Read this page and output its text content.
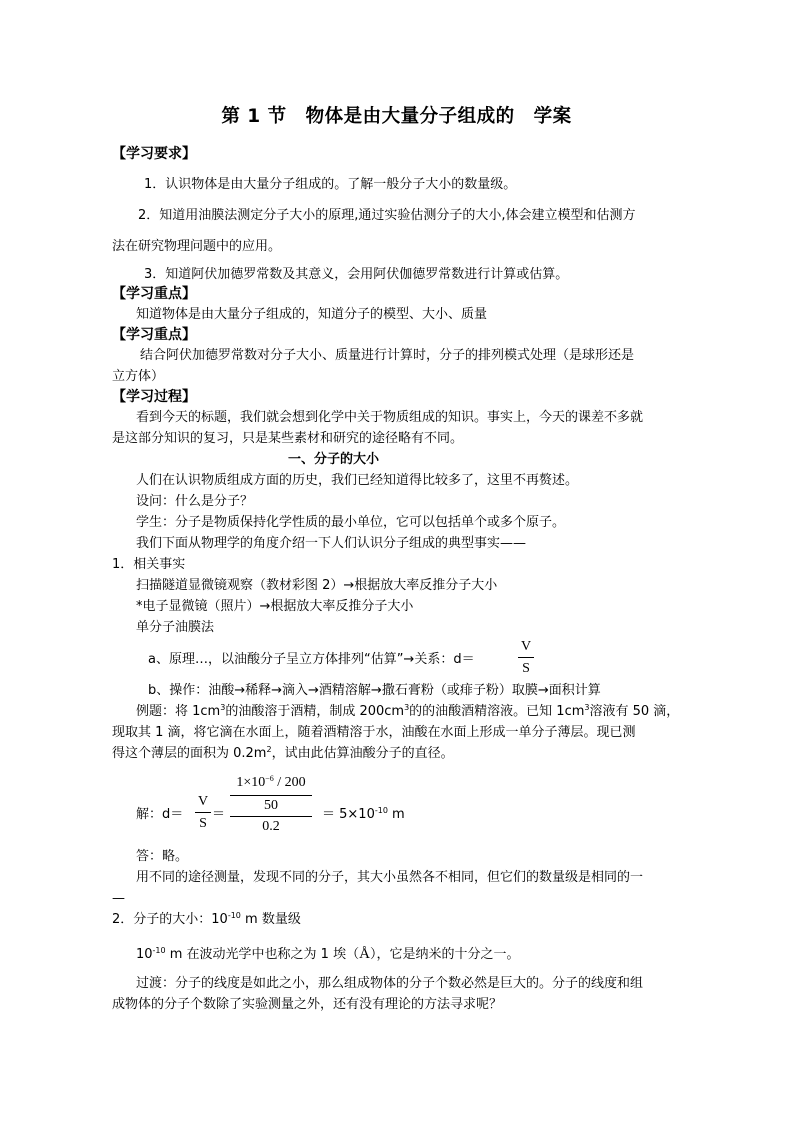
第 1 节　物体是由大量分子组成的　学案
【学习要求】
1．认识物体是由大量分子组成的。了解一般分子大小的数量级。
2．知道用油膜法测定分子大小的原理,通过实验估测分子的大小,体会建立模型和估测方
法在研究物理问题中的应用。
3．知道阿伏加德罗常数及其意义，会用阿伏伽德罗常数进行计算或估算。
【学习重点】
知道物体是由大量分子组成的，知道分子的模型、大小、质量
【学习重点】
结合阿伏加德罗常数对分子大小、质量进行计算时，分子的排列模式处理（是球形还是
立方体）
【学习过程】
看到今天的标题，我们就会想到化学中关于物质组成的知识。事实上，今天的课差不多就
是这部分知识的复习，只是某些素材和研究的途径略有不同。
一、分子的大小
人们在认识物质组成方面的历史，我们已经知道得比较多了，这里不再赘述。
设问：什么是分子？
学生：分子是物质保持化学性质的最小单位，它可以包括单个或多个原子。
我们下面从物理学的角度介绍一下人们认识分子组成的典型事实——
1．相关事实
扫描隧道显微镜观察（教材彩图 2）→根据放大率反推分子大小
*电子显微镜（照片）→根据放大率反推分子大小
单分子油膜法
a、原理…，以油酸分子呈立方体排列“估算”→关系：d＝
V
S
b、操作：油酸→稀释→滴入→酒精溶解→撒石膏粉（或痱子粉）取膜→面积计算
例题：将 $1cm^3$的油酸溶于酒精，制成 $200cm^3$的的油酸酒精溶液。已知 $1cm^3$溶液有 50 滴，
现取其 1 滴，将它滴在水面上，随着酒精溶于水，油酸在水面上形成一单分子薄层。现已测
得这个薄层的面积为 $0.2m^2$，试由此估算油酸分子的直径。
解：d＝
V
S
＝
$1\times 10^{-6} / 200$
50
0.2
＝ $5\times 10^{-10}$ m
答：略。
用不同的途径测量，发现不同的分子，其大小虽然各不相同，但它们的数量级是相同的一
—
2．分子的大小：$10^{-10}$ m 数量级
$10^{-10}$ m 在波动光学中也称之为 1 埃（Å），它是纳米的十分之一。
过渡：分子的线度是如此之小，那么组成物体的分子个数必然是巨大的。分子的线度和组
成物体的分子个数除了实验测量之外，还有没有理论的方法寻求呢？
